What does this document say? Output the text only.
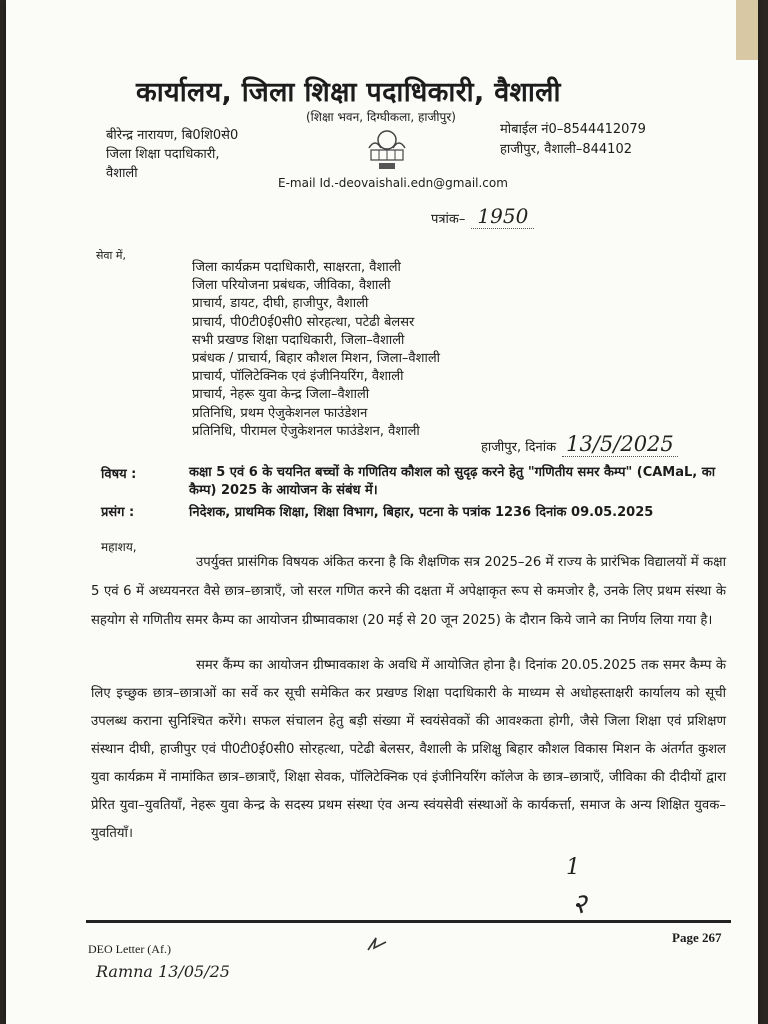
कार्यालय, जिला शिक्षा पदाधिकारी, वैशाली
(शिक्षा भवन, दिग्घीकला, हाजीपुर)
बीरेन्द्र नारायण, बि0शि0से0
जिला शिक्षा पदाधिकारी,
वैशाली
मोबाईल नं0–8544412079
हाजीपुर, वैशाली–844102
E-mail Id.-deovaishali.edn@gmail.com
पत्रांक– 1950
सेवा में,
जिला कार्यक्रम पदाधिकारी, साक्षरता, वैशाली
जिला परियोजना प्रबंधक, जीविका, वैशाली
प्राचार्य, डायट, दीघी, हाजीपुर, वैशाली
प्राचार्य, पी0टी0ई0सी0 सोरहत्था, पटेढी बेलसर
सभी प्रखण्ड शिक्षा पदाधिकारी, जिला–वैशाली
प्रबंधक / प्राचार्य, बिहार कौशल मिशन, जिला–वैशाली
प्राचार्य, पॉलिटेक्निक एवं इंजीनियरिंग, वैशाली
प्राचार्य, नेहरू युवा केन्द्र जिला–वैशाली
प्रतिनिधि, प्रथम ऐजुकेशनल फाउंडेशन
प्रतिनिधि, पीरामल ऐजुकेशनल फाउंडेशन, वैशाली
हाजीपुर, दिनांक 13/5/2025
विषय :	कक्षा 5 एवं 6 के चयनित बच्चों के गणितिय कौशल को सुदृढ़ करने हेतु "गणितीय समर कैम्प" (CAMaL, का कैम्प) 2025 के आयोजन के संबंध में।
प्रसंग :	निदेशक, प्राथमिक शिक्षा, शिक्षा विभाग, बिहार, पटना के पत्रांक 1236 दिनांक 09.05.2025
महाशय,
उपर्युक्त प्रासंगिक विषयक अंकित करना है कि शैक्षणिक सत्र 2025–26 में राज्य के प्रारंभिक विद्यालयों में कक्षा 5 एवं 6 में अध्ययनरत वैसे छात्र–छात्राएँ, जो सरल गणित करने की दक्षता में अपेक्षाकृत रूप से कमजोर है, उनके लिए प्रथम संस्था के सहयोग से गणितीय समर कैम्प का आयोजन ग्रीष्मावकाश (20 मई से 20 जून 2025) के दौरान किये जाने का निर्णय लिया गया है।
समर कैंम्प का आयोजन ग्रीष्मावकाश के अवधि में आयोजित होना है। दिनांक 20.05.2025 तक समर कैम्प के लिए इच्छुक छात्र–छात्राओं का सर्वे कर सूची समेकित कर प्रखण्ड शिक्षा पदाधिकारी के माध्यम से अधोहस्ताक्षरी कार्यालय को सूची उपलब्ध कराना सुनिश्चित करेंगे। सफल संचालन हेतु बड़ी संख्या में स्वयंसेवकों की आवश्कता होगी, जैसे जिला शिक्षा एवं प्रशिक्षण संस्थान दीघी, हाजीपुर एवं पी0टी0ई0सी0 सोरहत्था, पटेढी बेलसर, वैशाली के प्रशिक्षु बिहार कौशल विकास मिशन के अंतर्गत कुशल युवा कार्यक्रम में नामांकित छात्र–छात्राएँ, शिक्षा सेवक, पॉलिटेक्निक एवं इंजीनियरिंग कॉलेज के छात्र–छात्राएँ, जीविका की दीदीयों द्वारा प्रेरित युवा–युवतियाँ, नेहरू युवा केन्द्र के सदस्य प्रथम संस्था एंव अन्य स्वंयसेवी संस्थाओं के कार्यकर्त्ता, समाज के अन्य शिक्षित युवक–युवतियाँ।
1
२
DEO Letter (Af.)
Page 267
Ramna 13/05/25
